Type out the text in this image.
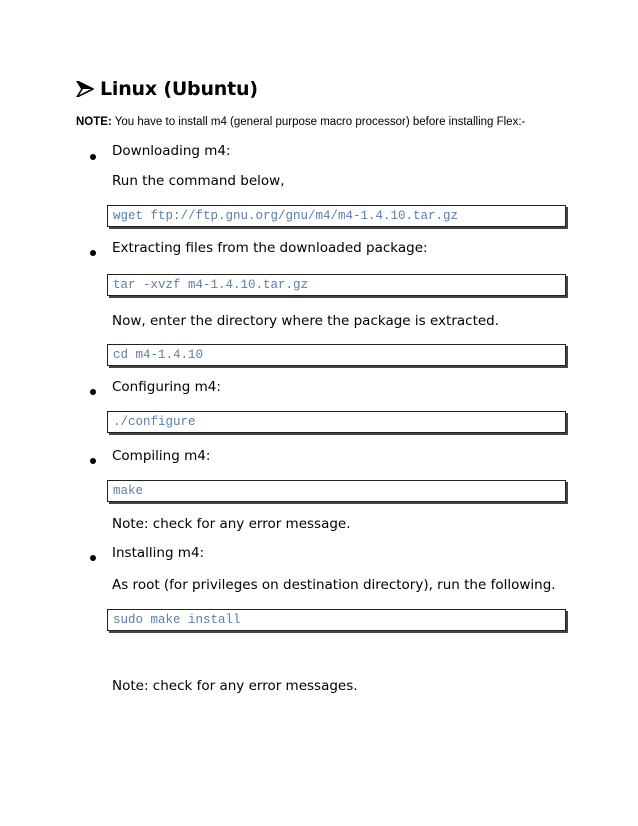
Linux (Ubuntu)
NOTE: You have to install m4 (general purpose macro processor) before installing Flex:-
Downloading m4:
Run the command below,
wget ftp://ftp.gnu.org/gnu/m4/m4-1.4.10.tar.gz
Extracting files from the downloaded package:
tar -xvzf m4-1.4.10.tar.gz
Now, enter the directory where the package is extracted.
cd m4-1.4.10
Configuring m4:
./configure
Compiling m4:
make
Note: check for any error message.
Installing m4:
As root (for privileges on destination directory), run the following.
sudo make install
Note: check for any error messages.
